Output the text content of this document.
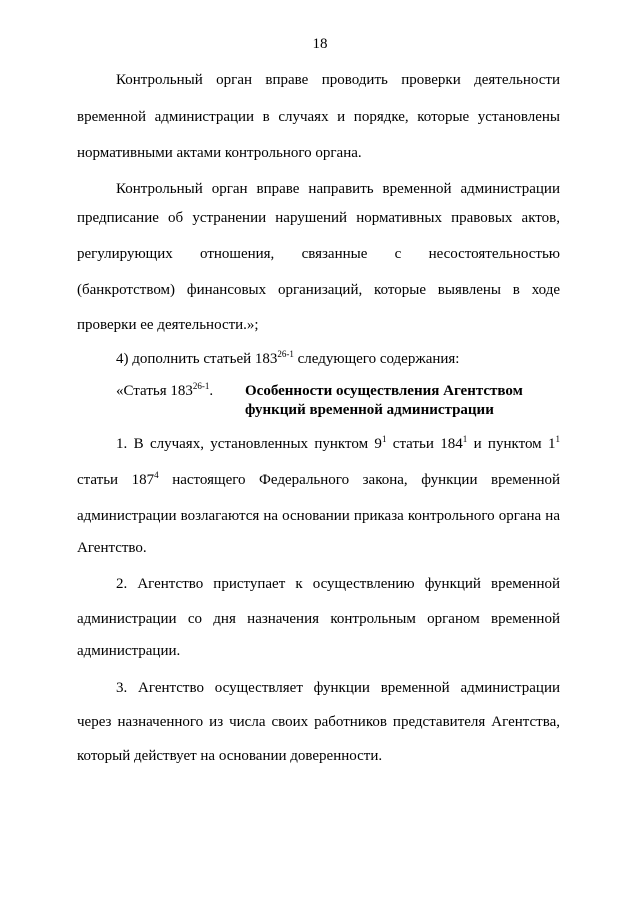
18
Контрольный орган вправе проводить проверки деятельности
временной администрации в случаях и порядке, которые установлены
нормативными актами контрольного органа.
Контрольный орган вправе направить временной администрации
предписание об устранении нарушений нормативных правовых актов,
регулирующих отношения, связанные с несостоятельностью
(банкротством) финансовых организаций, которые выявлены в ходе
проверки ее деятельности.»;
4) дополнить статьей 183$^{26-1}$ следующего содержания:
«Статья 183$^{26-1}$. Особенности осуществления Агентством
функций временной администрации
1. В случаях, установленных пунктом $9^1$ статьи $184^1$ и пунктом $1^1$
статьи $187^4$ настоящего Федерального закона, функции временной
администрации возлагаются на основании приказа контрольного органа на
Агентство.
2. Агентство приступает к осуществлению функций временной
администрации со дня назначения контрольным органом временной
администрации.
3. Агентство осуществляет функции временной администрации
через назначенного из числа своих работников представителя Агентства,
который действует на основании доверенности.
